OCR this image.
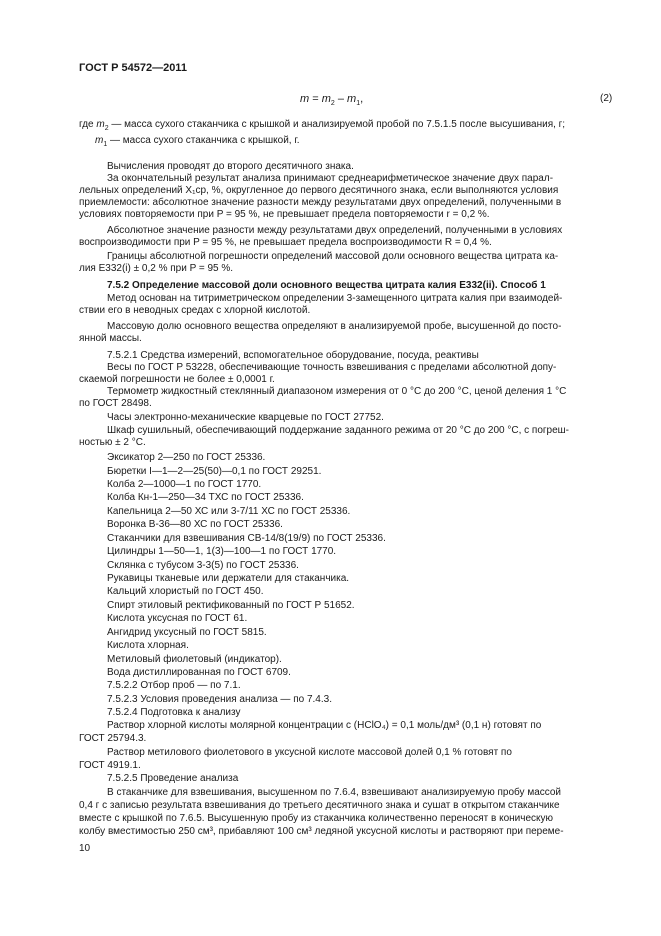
ГОСТ Р 54572—2011
$m = m_2 - m_1$,	(2)
где $m_2$ — масса сухого стаканчика с крышкой и анализируемой пробой по 7.5.1.5 после высушивания, г;
$m_1$ — масса сухого стаканчика с крышкой, г.
Вычисления проводят до второго десятичного знака.
За окончательный результат анализа принимают среднеарифметическое значение двух парал-
лельных определений X₁ср, %, округленное до первого десятичного знака, если выполняются условия
приемлемости: абсолютное значение разности между результатами двух определений, полученными в
условиях повторяемости при P = 95 %, не превышает предела повторяемости r = 0,2 %.
Абсолютное значение разности между результатами двух определений, полученными в условиях
воспроизводимости при P = 95 %, не превышает предела воспроизводимости R = 0,4 %.
Границы абсолютной погрешности определений массовой доли основного вещества цитрата ка-
лия Е332(i) ± 0,2 % при P = 95 %.
7.5.2 Определение массовой доли основного вещества цитрата калия Е332(ii). Способ 1
Метод основан на титриметрическом определении 3-замещенного цитрата калия при взаимодей-
ствии его в неводных средах с хлорной кислотой.
Массовую долю основного вещества определяют в анализируемой пробе, высушенной до посто-
янной массы.
7.5.2.1 Средства измерений, вспомогательное оборудование, посуда, реактивы
Весы по ГОСТ Р 53228, обеспечивающие точность взвешивания с пределами абсолютной допу-
скаемой погрешности не более ± 0,0001 г.
Термометр жидкостный стеклянный диапазоном измерения от 0 °С до 200 °С, ценой деления 1 °С
по ГОСТ 28498.
Часы электронно-механические кварцевые по ГОСТ 27752.
Шкаф сушильный, обеспечивающий поддержание заданного режима от 20 °С до 200 °С, с погреш-
ностью ± 2 °С.
Эксикатор 2—250 по ГОСТ 25336.
Бюретки I—1—2—25(50)—0,1 по ГОСТ 29251.
Колба 2—1000—1 по ГОСТ 1770.
Колба Кн-1—250—34 ТХС по ГОСТ 25336.
Капельница 2—50 ХС или 3-7/11 ХС по ГОСТ 25336.
Воронка В-36—80 ХС по ГОСТ 25336.
Стаканчики для взвешивания СВ-14/8(19/9) по ГОСТ 25336.
Цилиндры 1—50—1, 1(3)—100—1 по ГОСТ 1770.
Склянка с тубусом 3-3(5) по ГОСТ 25336.
Рукавицы тканевые или держатели для стаканчика.
Кальций хлористый по ГОСТ 450.
Спирт этиловый ректификованный по ГОСТ Р 51652.
Кислота уксусная по ГОСТ 61.
Ангидрид уксусный по ГОСТ 5815.
Кислота хлорная.
Метиловый фиолетовый (индикатор).
Вода дистиллированная по ГОСТ 6709.
7.5.2.2 Отбор проб — по 7.1.
7.5.2.3 Условия проведения анализа — по 7.4.3.
7.5.2.4 Подготовка к анализу
Раствор хлорной кислоты молярной концентрации с (HClO₄) = 0,1 моль/дм³ (0,1 н) готовят по
ГОСТ 25794.3.
Раствор метилового фиолетового в уксусной кислоте массовой долей 0,1 % готовят по
ГОСТ 4919.1.
7.5.2.5 Проведение анализа
В стаканчике для взвешивания, высушенном по 7.6.4, взвешивают анализируемую пробу массой
0,4 г с записью результата взвешивания до третьего десятичного знака и сушат в открытом стаканчике
вместе с крышкой по 7.6.5. Высушенную пробу из стаканчика количественно переносят в коническую
колбу вместимостью 250 см³, прибавляют 100 см³ ледяной уксусной кислоты и растворяют при переме-
10
